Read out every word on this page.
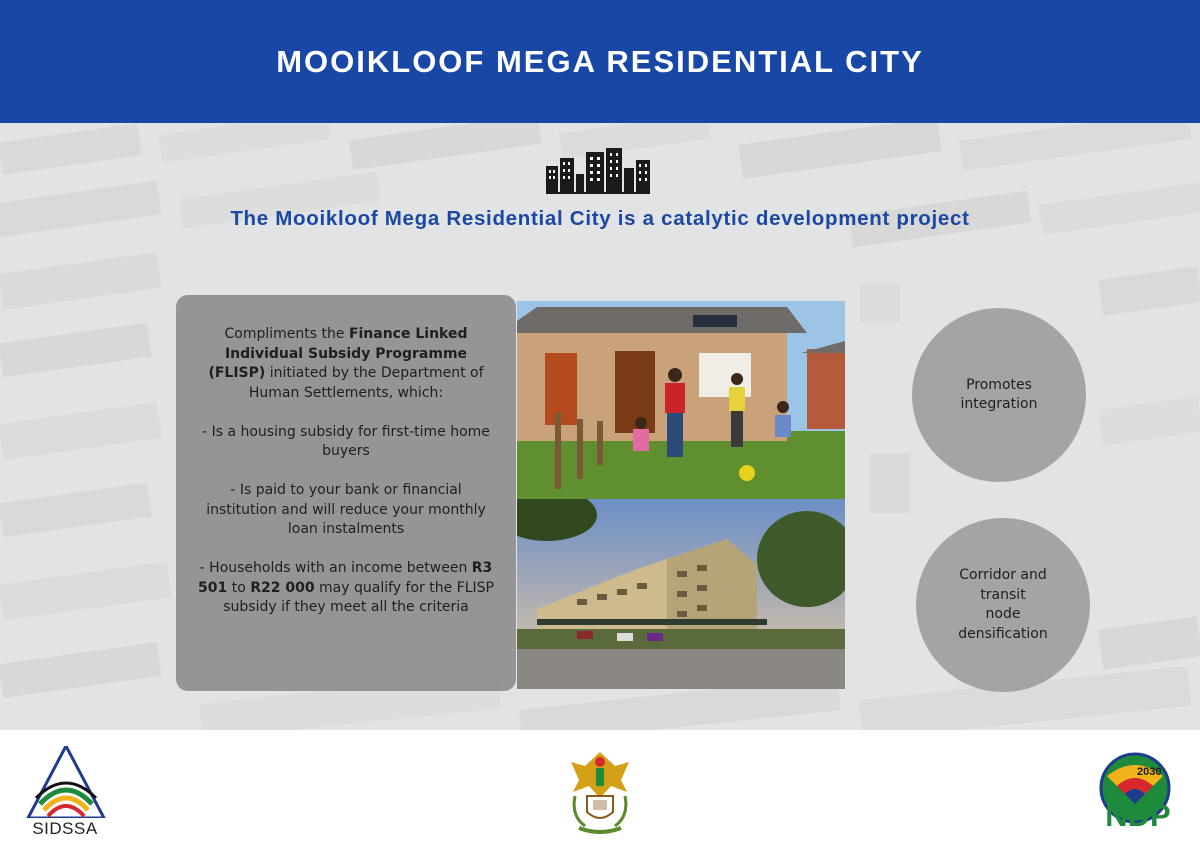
MOOIKLOOF MEGA RESIDENTIAL CITY
The Mooikloof Mega Residential City is a catalytic development project

Compliments the Finance Linked Individual Subsidy Programme (FLISP) initiated by the Department of Human Settlements, which:

- Is a housing subsidy for first-time home buyers

- Is paid to your bank or financial institution and will reduce your monthly loan instalments

- Households with an income between R3 501 to R22 000 may qualify for the FLISP subsidy if they meet all the criteria

Promotes
integration
Corridor and
transit
node
densification
SIDSSA
2030
NDP
